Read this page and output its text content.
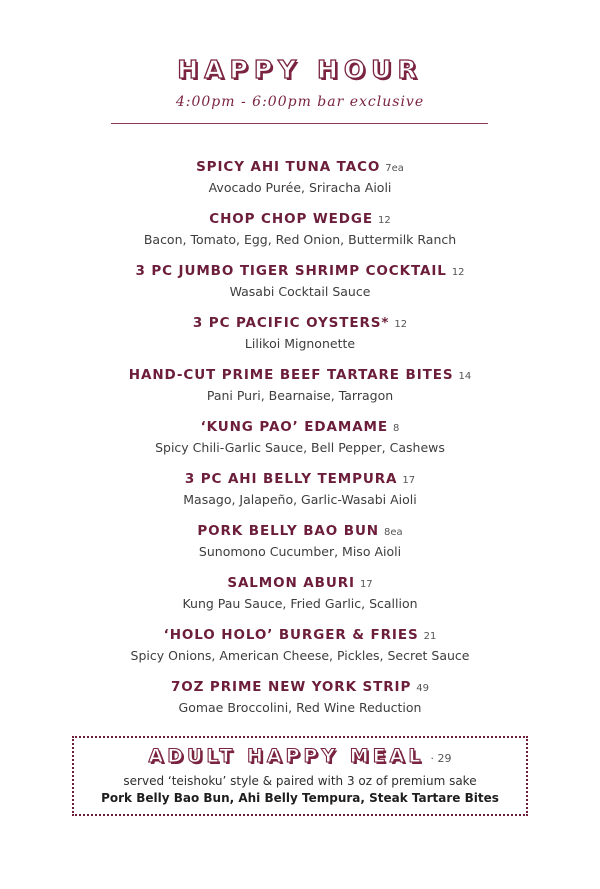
HAPPY HOUR
4:00pm - 6:00pm bar exclusive
SPICY AHI TUNA TACO 7ea
Avocado Purée, Sriracha Aioli
CHOP CHOP WEDGE 12
Bacon, Tomato, Egg, Red Onion, Buttermilk Ranch
3 PC JUMBO TIGER SHRIMP COCKTAIL 12
Wasabi Cocktail Sauce
3 PC PACIFIC OYSTERS* 12
Lilikoi Mignonette
HAND-CUT PRIME BEEF TARTARE BITES 14
Pani Puri, Bearnaise, Tarragon
‘KUNG PAO’ EDAMAME 8
Spicy Chili-Garlic Sauce, Bell Pepper, Cashews
3 PC AHI BELLY TEMPURA 17
Masago, Jalapeño, Garlic-Wasabi Aioli
PORK BELLY BAO BUN 8ea
Sunomono Cucumber, Miso Aioli
SALMON ABURI 17
Kung Pau Sauce, Fried Garlic, Scallion
‘HOLO HOLO’ BURGER & FRIES 21
Spicy Onions, American Cheese, Pickles, Secret Sauce
7OZ PRIME NEW YORK STRIP 49
Gomae Broccolini, Red Wine Reduction
ADULT HAPPY MEAL · 29
served ‘teishoku’ style & paired with 3 oz of premium sake
Pork Belly Bao Bun, Ahi Belly Tempura, Steak Tartare Bites
